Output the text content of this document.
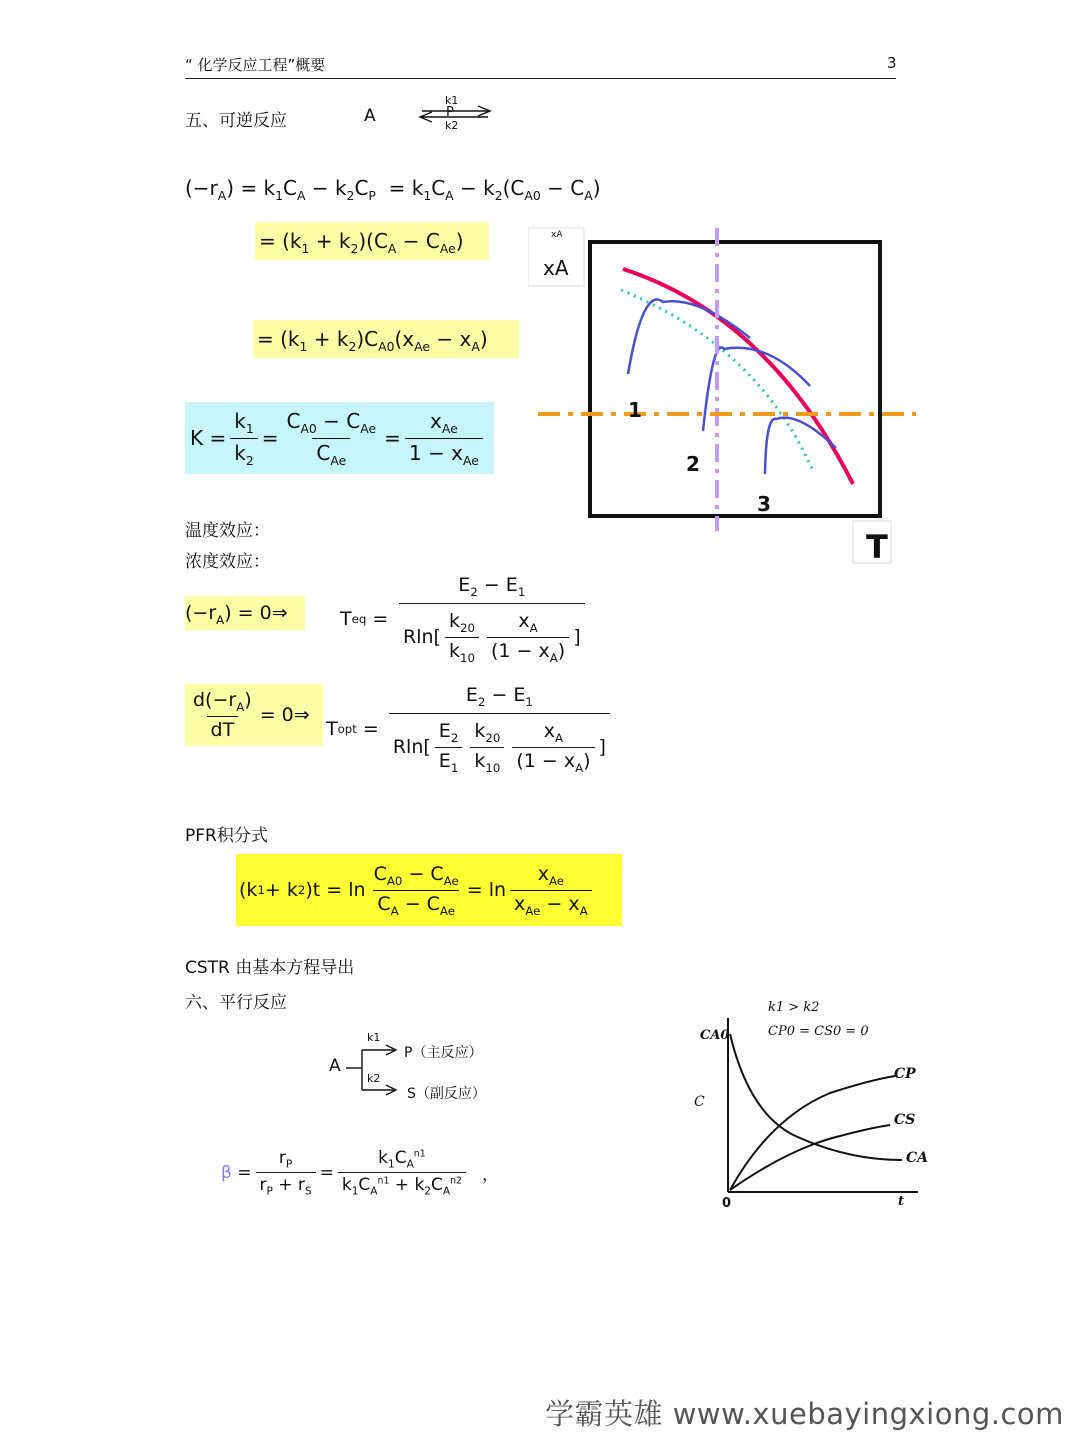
“ 化学反应工程”概要	3
五、可逆反应	A
k1
P
k2
$(-r_A) = k_1C_A - k_2C_P = k_1C_A - k_2(C_{A0} - C_A)$
= $(k_1 + k_2)(C_A - C_{Ae})$
= $(k_1 + k_2)C_{A0}(x_{Ae} - x_A)$
$K = \frac{k_1}{k_2} = \frac{C_{A0} - C_{Ae}}{C_{Ae}} = \frac{x_{Ae}}{1 - x_{Ae}}$
xA
xA
1
2
3
T
温度效应：
浓度效应：
$(-r_A)$ = 0⇒	T eq = $\frac{E_2 - E_1}{Rln[ \frac{k_{20}}{k_{10}} \frac{x_A}{(1 - x_A)} ]}$
$\frac{d(-r_A)}{dT}$ = 0⇒
T opt = $\frac{E_2 - E_1}{Rln[ \frac{E_2}{E_1} \frac{k_{20}}{k_{10}} \frac{x_A}{(1 - x_A)} ]}$
PFR积分式
(k 1 + k 2 )$t = \ln \frac{C_{A0} - C_{Ae}}{C_A - C_{Ae}} = \ln \frac{x_{Ae}}{x_{Ae} - x_A}$
CSTR 由基本方程导出
六、平行反应
A
k1
k2
P（主反应）
S（副反应）
$\beta = \frac{r_P}{r_P + r_S} = \frac{k_1C_A^{n1}}{k_1C_A^{n1} + k_2C_A^{n2}}$ ，
k1 > k2
CP0 = CS0 = 0
CA0
C
CP
CS
CA
0	t
学霸英雄 www.xuebayingxiong.com
